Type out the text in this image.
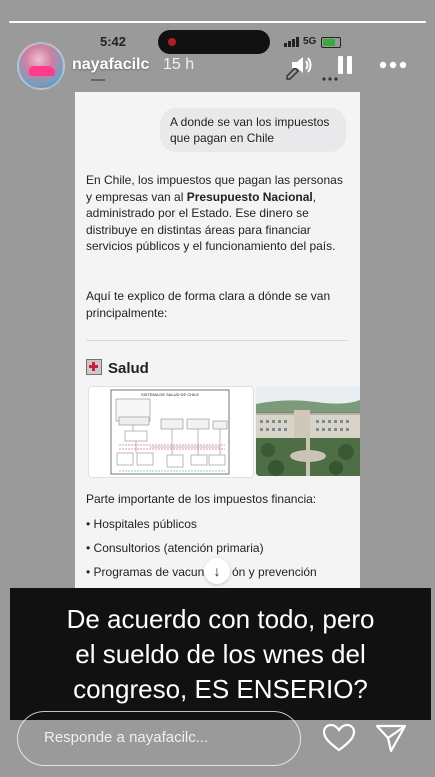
5:42	5G
nayafacilc 15 h
A donde se van los impuestos que pagan en Chile
En Chile, los impuestos que pagan las personas y empresas van al Presupuesto Nacional, administrado por el Estado. Ese dinero se distribuye en distintas áreas para financiar servicios públicos y el funcionamiento del país.
Aquí te explico de forma clara a dónde se van principalmente:
Salud
SISTEMA DE SALUD DE CHILE
Parte importante de los impuestos financia:
• Hospitales públicos
• Consultorios (atención primaria)
• Programas de vacun ón y prevención
↓
De acuerdo con todo, pero
el sueldo de los wnes del
congreso, ES ENSERIO?
Responde a nayafacilc...
